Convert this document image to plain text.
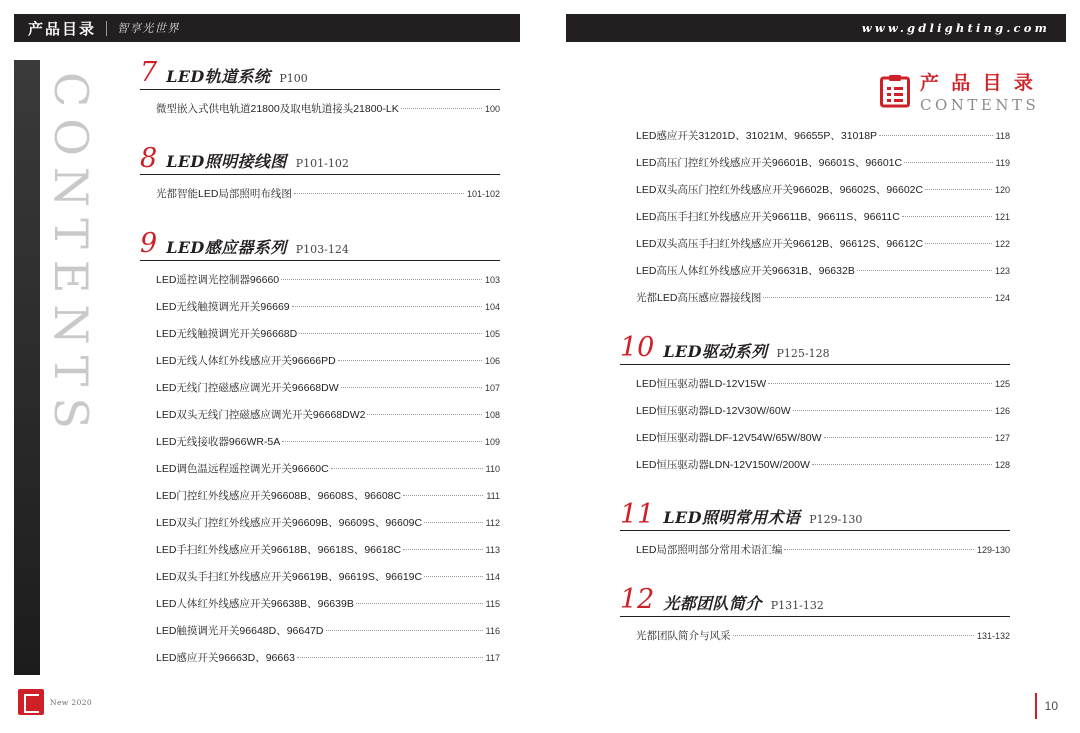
产品目录 智享光世界	www.gdlighting.com
CONTENTS	产 品 目 录
CONTENTS
7 LED轨道系统 P100
微型嵌入式供电轨道21800及取电轨道接头21800-LK	100
8 LED照明接线图 P101-102
光都智能LED局部照明布线图	101-102
9 LED感应器系列 P103-124
LED遥控调光控制器96660	103
LED无线触摸调光开关96669	104
LED无线触摸调光开关96668D	105
LED无线人体红外线感应开关96666PD	106
LED无线门控磁感应调光开关96668DW	107
LED双头无线门控磁感应调光开关96668DW2	108
LED无线接收器966WR-5A	109
LED调色温远程遥控调光开关96660C	110
LED门控红外线感应开关96608B、96608S、96608C	111
LED双头门控红外线感应开关96609B、96609S、96609C	112
LED手扫红外线感应开关96618B、96618S、96618C	113
LED双头手扫红外线感应开关96619B、96619S、96619C	114
LED人体红外线感应开关96638B、96639B	115
LED触摸调光开关96648D、96647D	116
LED感应开关96663D、96663	117
LED感应开关31201D、31021M、96655P、31018P	118
LED高压门控红外线感应开关96601B、96601S、96601C	119
LED双头高压门控红外线感应开关96602B、96602S、96602C	120
LED高压手扫红外线感应开关96611B、96611S、96611C	121
LED双头高压手扫红外线感应开关96612B、96612S、96612C	122
LED高压人体红外线感应开关96631B、96632B	123
光都LED高压感应器接线图	124
10 LED驱动系列 P125-128
LED恒压驱动器LD-12V15W	125
LED恒压驱动器LD-12V30W/60W	126
LED恒压驱动器LDF-12V54W/65W/80W	127
LED恒压驱动器LDN-12V150W/200W	128
11 LED照明常用术语 P129-130
LED局部照明部分常用术语汇编	129-130
12 光都团队简介 P131-132
光都团队简介与风采	131-132
New 2020	10
